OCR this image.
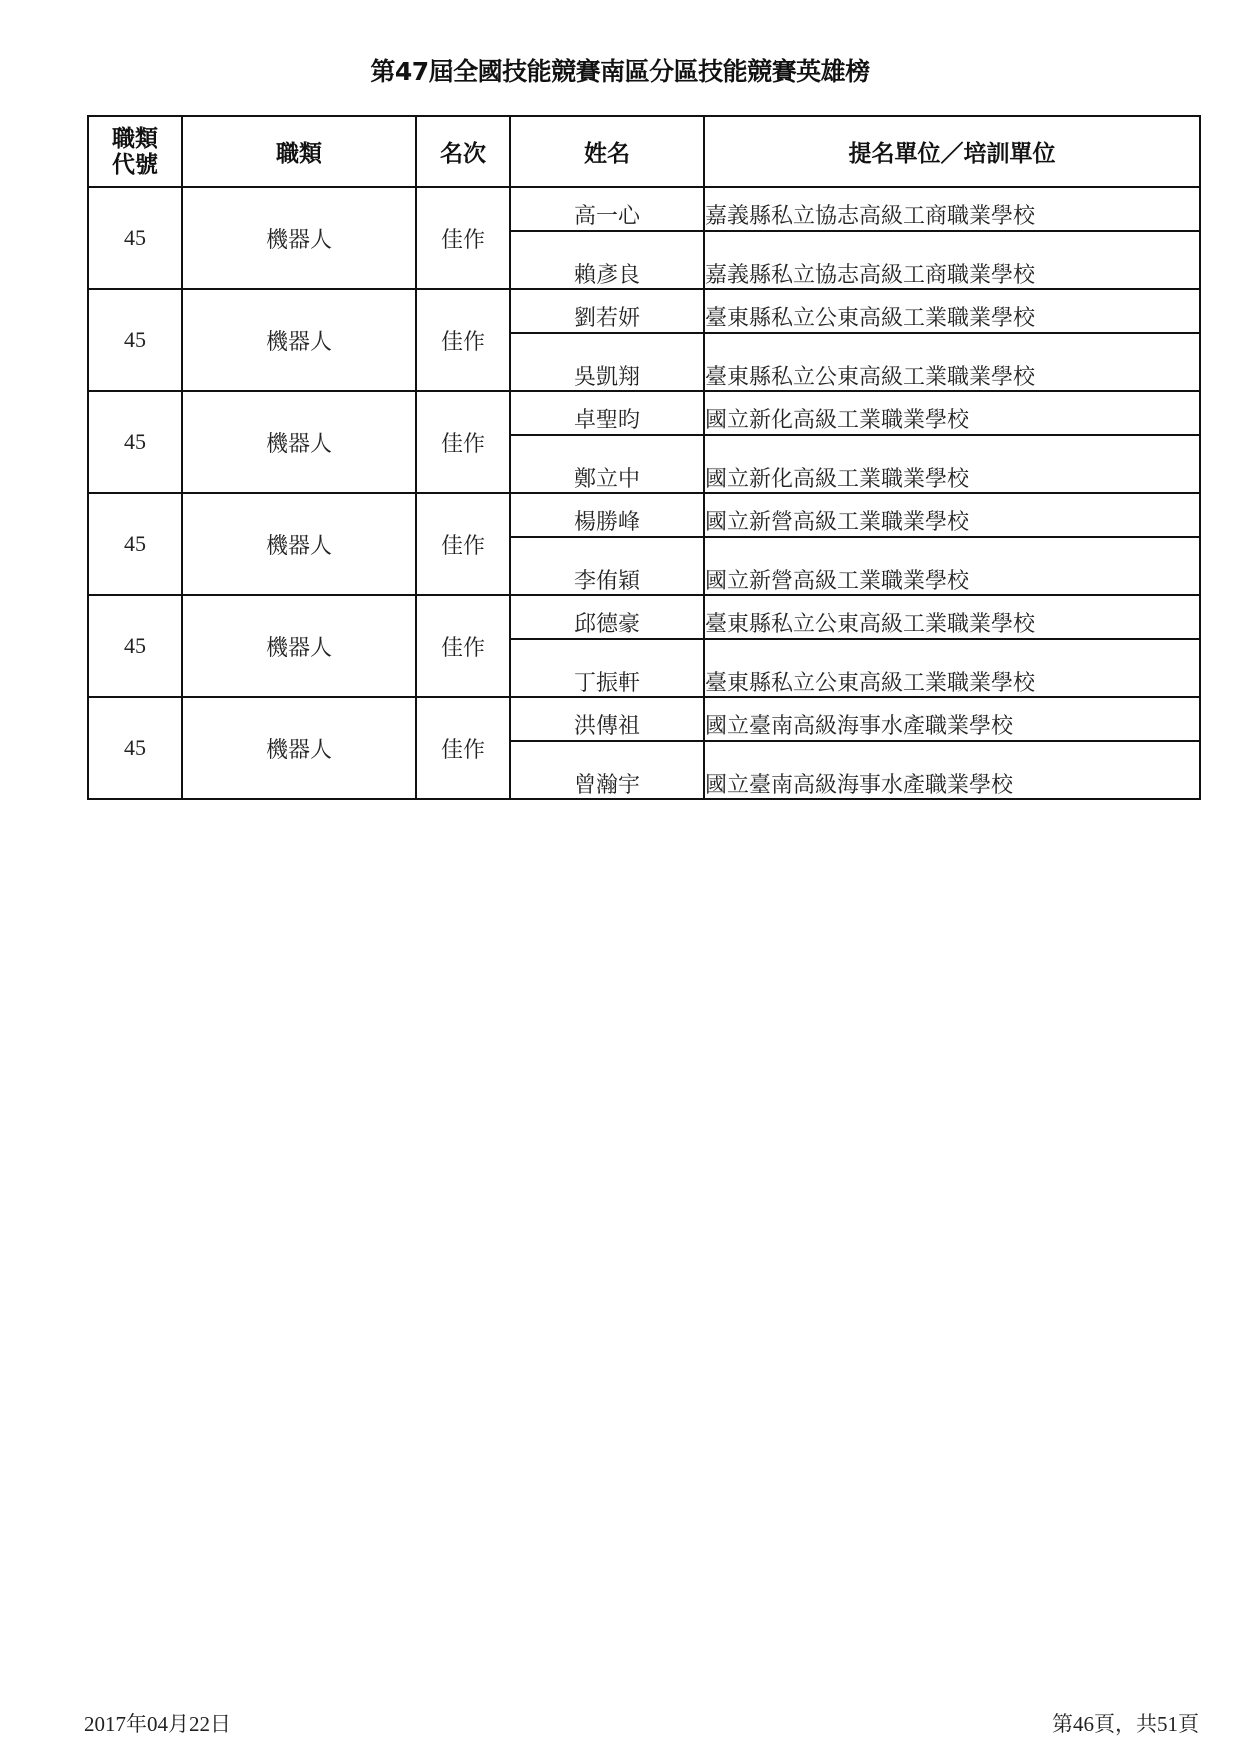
第47屆全國技能競賽南區分區技能競賽英雄榜
職類
代號	職類	名次	姓名	提名單位／培訓單位
45	機器人	佳作	高一心	嘉義縣私立協志高級工商職業學校
			賴彥良	嘉義縣私立協志高級工商職業學校
45	機器人	佳作	劉若妍	臺東縣私立公東高級工業職業學校
			吳凱翔	臺東縣私立公東高級工業職業學校
45	機器人	佳作	卓聖昀	國立新化高級工業職業學校
			鄭立中	國立新化高級工業職業學校
45	機器人	佳作	楊勝峰	國立新營高級工業職業學校
			李侑穎	國立新營高級工業職業學校
45	機器人	佳作	邱德豪	臺東縣私立公東高級工業職業學校
			丁振軒	臺東縣私立公東高級工業職業學校
45	機器人	佳作	洪傳祖	國立臺南高級海事水產職業學校
			曾瀚宇	國立臺南高級海事水產職業學校
2017年04月22日	第46頁，共51頁
